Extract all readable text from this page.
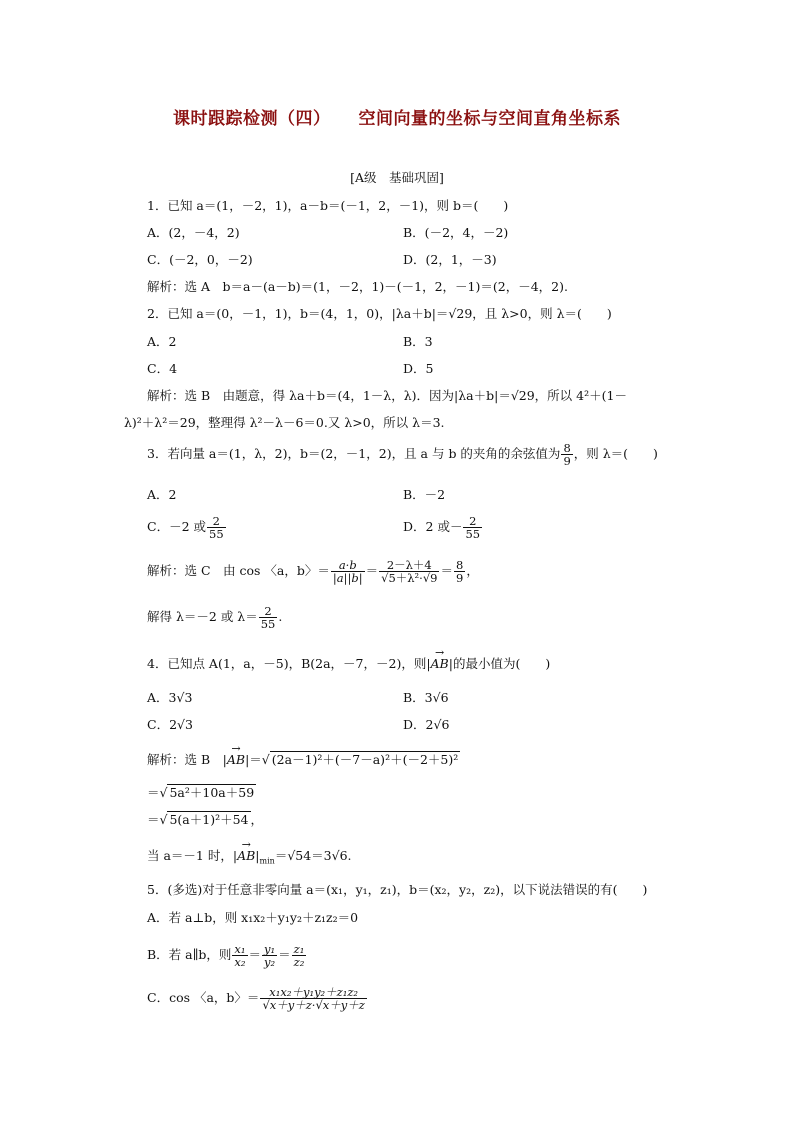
课时跟踪检测（四） 空间向量的坐标与空间直角坐标系
[A级　基础巩固]
1．已知 a＝(1，－2，1)，a－b＝(－1，2，－1)，则 b＝(　　)
A．(2，－4，2)	B．(－2，4，－2)
C．(－2，0，－2)	D．(2，1，－3)
解析：选 A　b＝a－(a－b)＝(1，－2，1)－(－1，2，－1)＝(2，－4，2).
2．已知 a＝(0，－1，1)，b＝(4，1，0)，|λa＋b|＝√29，且 λ>0，则 λ＝(　　)
A．2	B．3
C．4	D．5
解析：选 B　由题意，得 λa＋b＝(4，1－λ，λ)．因为|λa＋b|＝√29，所以 4²＋(1－
λ)²＋λ²＝29，整理得 λ²－λ－6＝0.又 λ>0，所以 λ＝3.
3．若向量 a＝(1，λ，2)，b＝(2，－1，2)，且 a 与 b 的夹角的余弦值为 $\frac{8}{9}$ ，则 λ＝(　　)
A．2	B．－2
C．－2 或 $\frac{2}{55}$	D．2 或－ $\frac{2}{55}$
解析：选 C　由 cos 〈a，b〉＝ $\frac{a\cdot b}{|a||b|} = \frac{2-\lambda+4}{\text{√5＋λ²·√9}} = \frac{8}{9}$ ，
解得 λ＝－2 或 $\lambda= \frac{2}{55}$ .
4．已知点 A(1，a，－5)，B(2a，－7，－2)，则|→ AB|的最小值为(　　)
A．3√3	B．3√6
C．2√3	D．2√6
解析：选 B　|→ AB|＝√ (2a－1)²＋(－7－a)²＋(－2＋5)²
＝√ 5a²＋10a＋59
＝√ 5(a＋1)²＋54 ，
当 a＝－1 时，|→ $AB|_{min}=√54=3√6$.
5．(多选)对于任意非零向量 a＝(x₁，y₁，z₁)，b＝(x₂，y₂，z₂)，以下说法错误的有(　　)
A．若 a⊥b，则 x₁x₂＋y₁y₂＋z₁z₂＝0
B．若 a∥b，则 $\frac{\text{x₁}}{\text{x₂}} = \frac{\text{y₁}}{\text{y₂}} = \frac{\text{z₁}}{\text{z₂}}$
C．cos 〈a，b〉＝ $\frac{\text{x₁x₂＋y₁y₂＋z₁z₂}}{√x+y+z\cdot√x+y+z}$
